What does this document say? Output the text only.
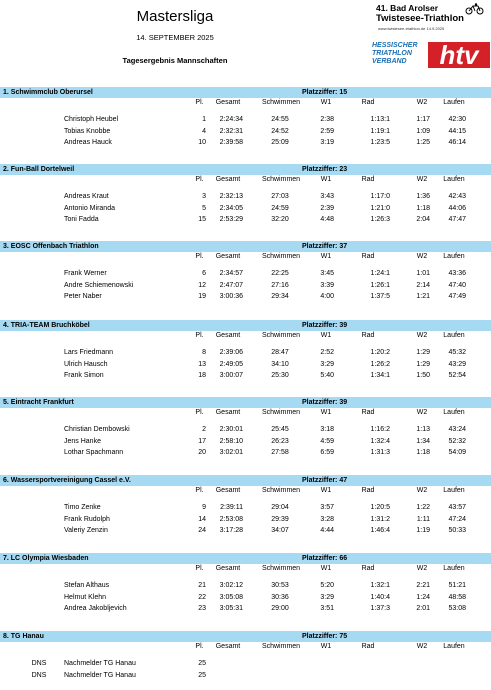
Mastersliga
14. SEPTEMBER 2025
Tagesergebnis Mannschaften
41. Bad Arolser
Twistesee-Triathlon
www.twistesee-triathlon.de 14.9.2025
HESSISCHER
TRIATHLON
VERBAND	htv
1. Schwimmclub Oberursel	Platzziffer: 15
Pl.	Gesamt	Schwimmen	W1	Rad	W2	Laufen
Christoph Heubel	1	2:24:34	24:55	2:38	1:13:1	1:17	42:30
Tobias Knobbe	4	2:32:31	24:52	2:59	1:19:1	1:09	44:15
Andreas Hauck	10	2:39:58	25:09	3:19	1:23:5	1:25	46:14
2. Fun-Ball Dortelweil	Platzziffer: 23
Pl.	Gesamt	Schwimmen	W1	Rad	W2	Laufen
Andreas Kraut	3	2:32:13	27:03	3:43	1:17:0	1:36	42:43
Antonio Miranda	5	2:34:05	24:59	2:39	1:21:0	1:18	44:06
Toni Fadda	15	2:53:29	32:20	4:48	1:26:3	2:04	47:47
3. EOSC Offenbach Triathlon	Platzziffer: 37
Pl.	Gesamt	Schwimmen	W1	Rad	W2	Laufen
Frank Werner	6	2:34:57	22:25	3:45	1:24:1	1:01	43:36
Andre Schiemenowski	12	2:47:07	27:16	3:39	1:26:1	2:14	47:40
Peter Naber	19	3:00:36	29:34	4:00	1:37:5	1:21	47:49
4. TRIA-TEAM Bruchköbel	Platzziffer: 39
Pl.	Gesamt	Schwimmen	W1	Rad	W2	Laufen
Lars Friedmann	8	2:39:06	28:47	2:52	1:20:2	1:29	45:32
Ulrich Hausch	13	2:49:05	34:10	3:29	1:26:2	1:29	43:29
Frank Simon	18	3:00:07	25:30	5:40	1:34:1	1:50	52:54
5. Eintracht Frankfurt	Platzziffer: 39
Pl.	Gesamt	Schwimmen	W1	Rad	W2	Laufen
Christian Dembowski	2	2:30:01	25:45	3:18	1:16:2	1:13	43:24
Jens Hanke	17	2:58:10	26:23	4:59	1:32:4	1:34	52:32
Lothar Spachmann	20	3:02:01	27:58	6:59	1:31:3	1:18	54:09
6. Wassersportvereinigung Cassel e.V.	Platzziffer: 47
Pl.	Gesamt	Schwimmen	W1	Rad	W2	Laufen
Timo Zenke	9	2:39:11	29:04	3:57	1:20:5	1:22	43:57
Frank Rudolph	14	2:53:08	29:39	3:28	1:31:2	1:11	47:24
Valeriy Zenzin	24	3:17:28	34:07	4:44	1:46:4	1:19	50:33
7. LC Olympia Wiesbaden	Platzziffer: 66
Pl.	Gesamt	Schwimmen	W1	Rad	W2	Laufen
Stefan Althaus	21	3:02:12	30:53	5:20	1:32:1	2:21	51:21
Helmut Klehn	22	3:05:08	30:36	3:29	1:40:4	1:24	48:58
Andrea Jakobljevich	23	3:05:31	29:00	3:51	1:37:3	2:01	53:08
8. TG Hanau	Platzziffer: 75
Pl.	Gesamt	Schwimmen	W1	Rad	W2	Laufen
DNS	Nachmelder TG Hanau	25
DNS	Nachmelder TG Hanau	25
